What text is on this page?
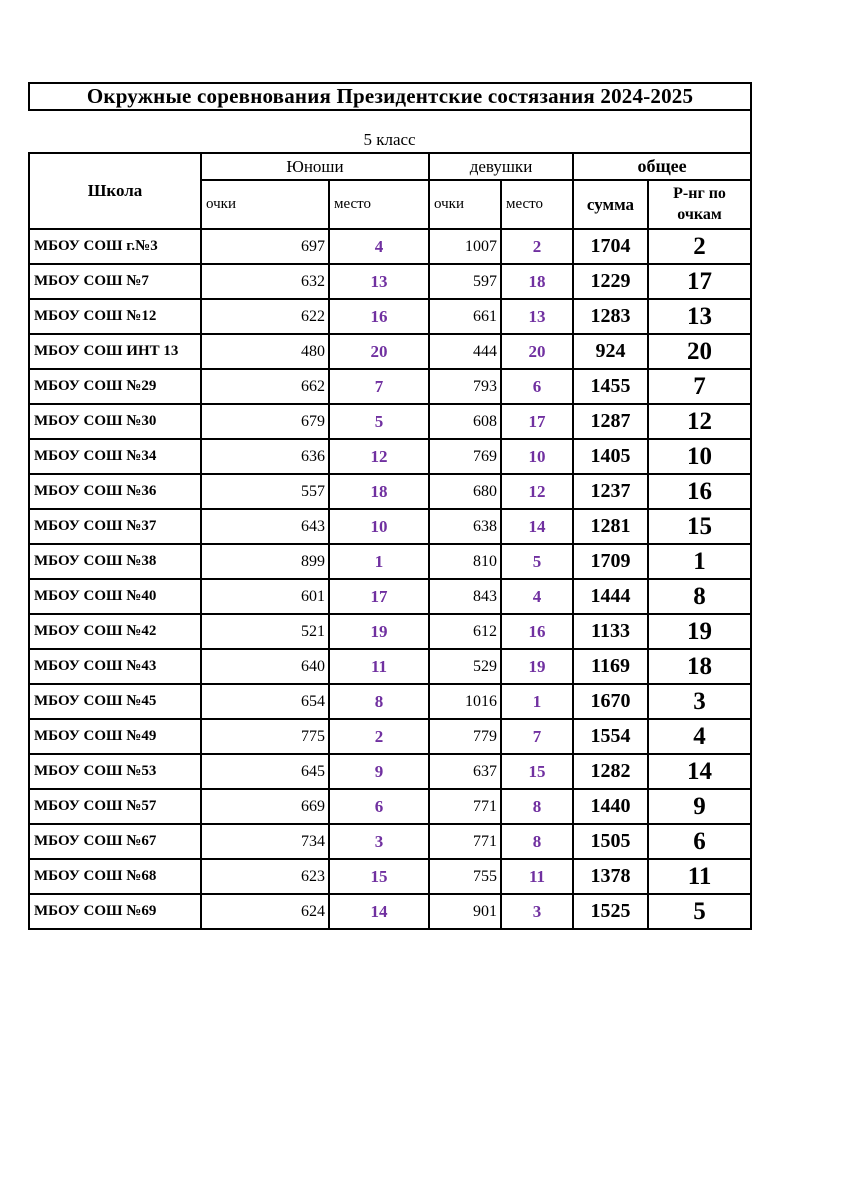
Окружные соревнования Президентские состязания 2024-2025						
5 класс						
Школа	Юноши		девушки		общее	
	очки	место	очки	место	сумма	Р-нг по очкам
МБОУ СОШ г.№3	697	4	1007	2	1704	2
МБОУ СОШ №7	632	13	597	18	1229	17
МБОУ СОШ №12	622	16	661	13	1283	13
МБОУ СОШ ИНТ 13	480	20	444	20	924	20
МБОУ СОШ №29	662	7	793	6	1455	7
МБОУ СОШ №30	679	5	608	17	1287	12
МБОУ СОШ №34	636	12	769	10	1405	10
МБОУ СОШ №36	557	18	680	12	1237	16
МБОУ СОШ №37	643	10	638	14	1281	15
МБОУ СОШ №38	899	1	810	5	1709	1
МБОУ СОШ №40	601	17	843	4	1444	8
МБОУ СОШ №42	521	19	612	16	1133	19
МБОУ СОШ №43	640	11	529	19	1169	18
МБОУ СОШ №45	654	8	1016	1	1670	3
МБОУ СОШ №49	775	2	779	7	1554	4
МБОУ СОШ №53	645	9	637	15	1282	14
МБОУ СОШ №57	669	6	771	8	1440	9
МБОУ СОШ №67	734	3	771	8	1505	6
МБОУ СОШ №68	623	15	755	11	1378	11
МБОУ СОШ №69	624	14	901	3	1525	5
